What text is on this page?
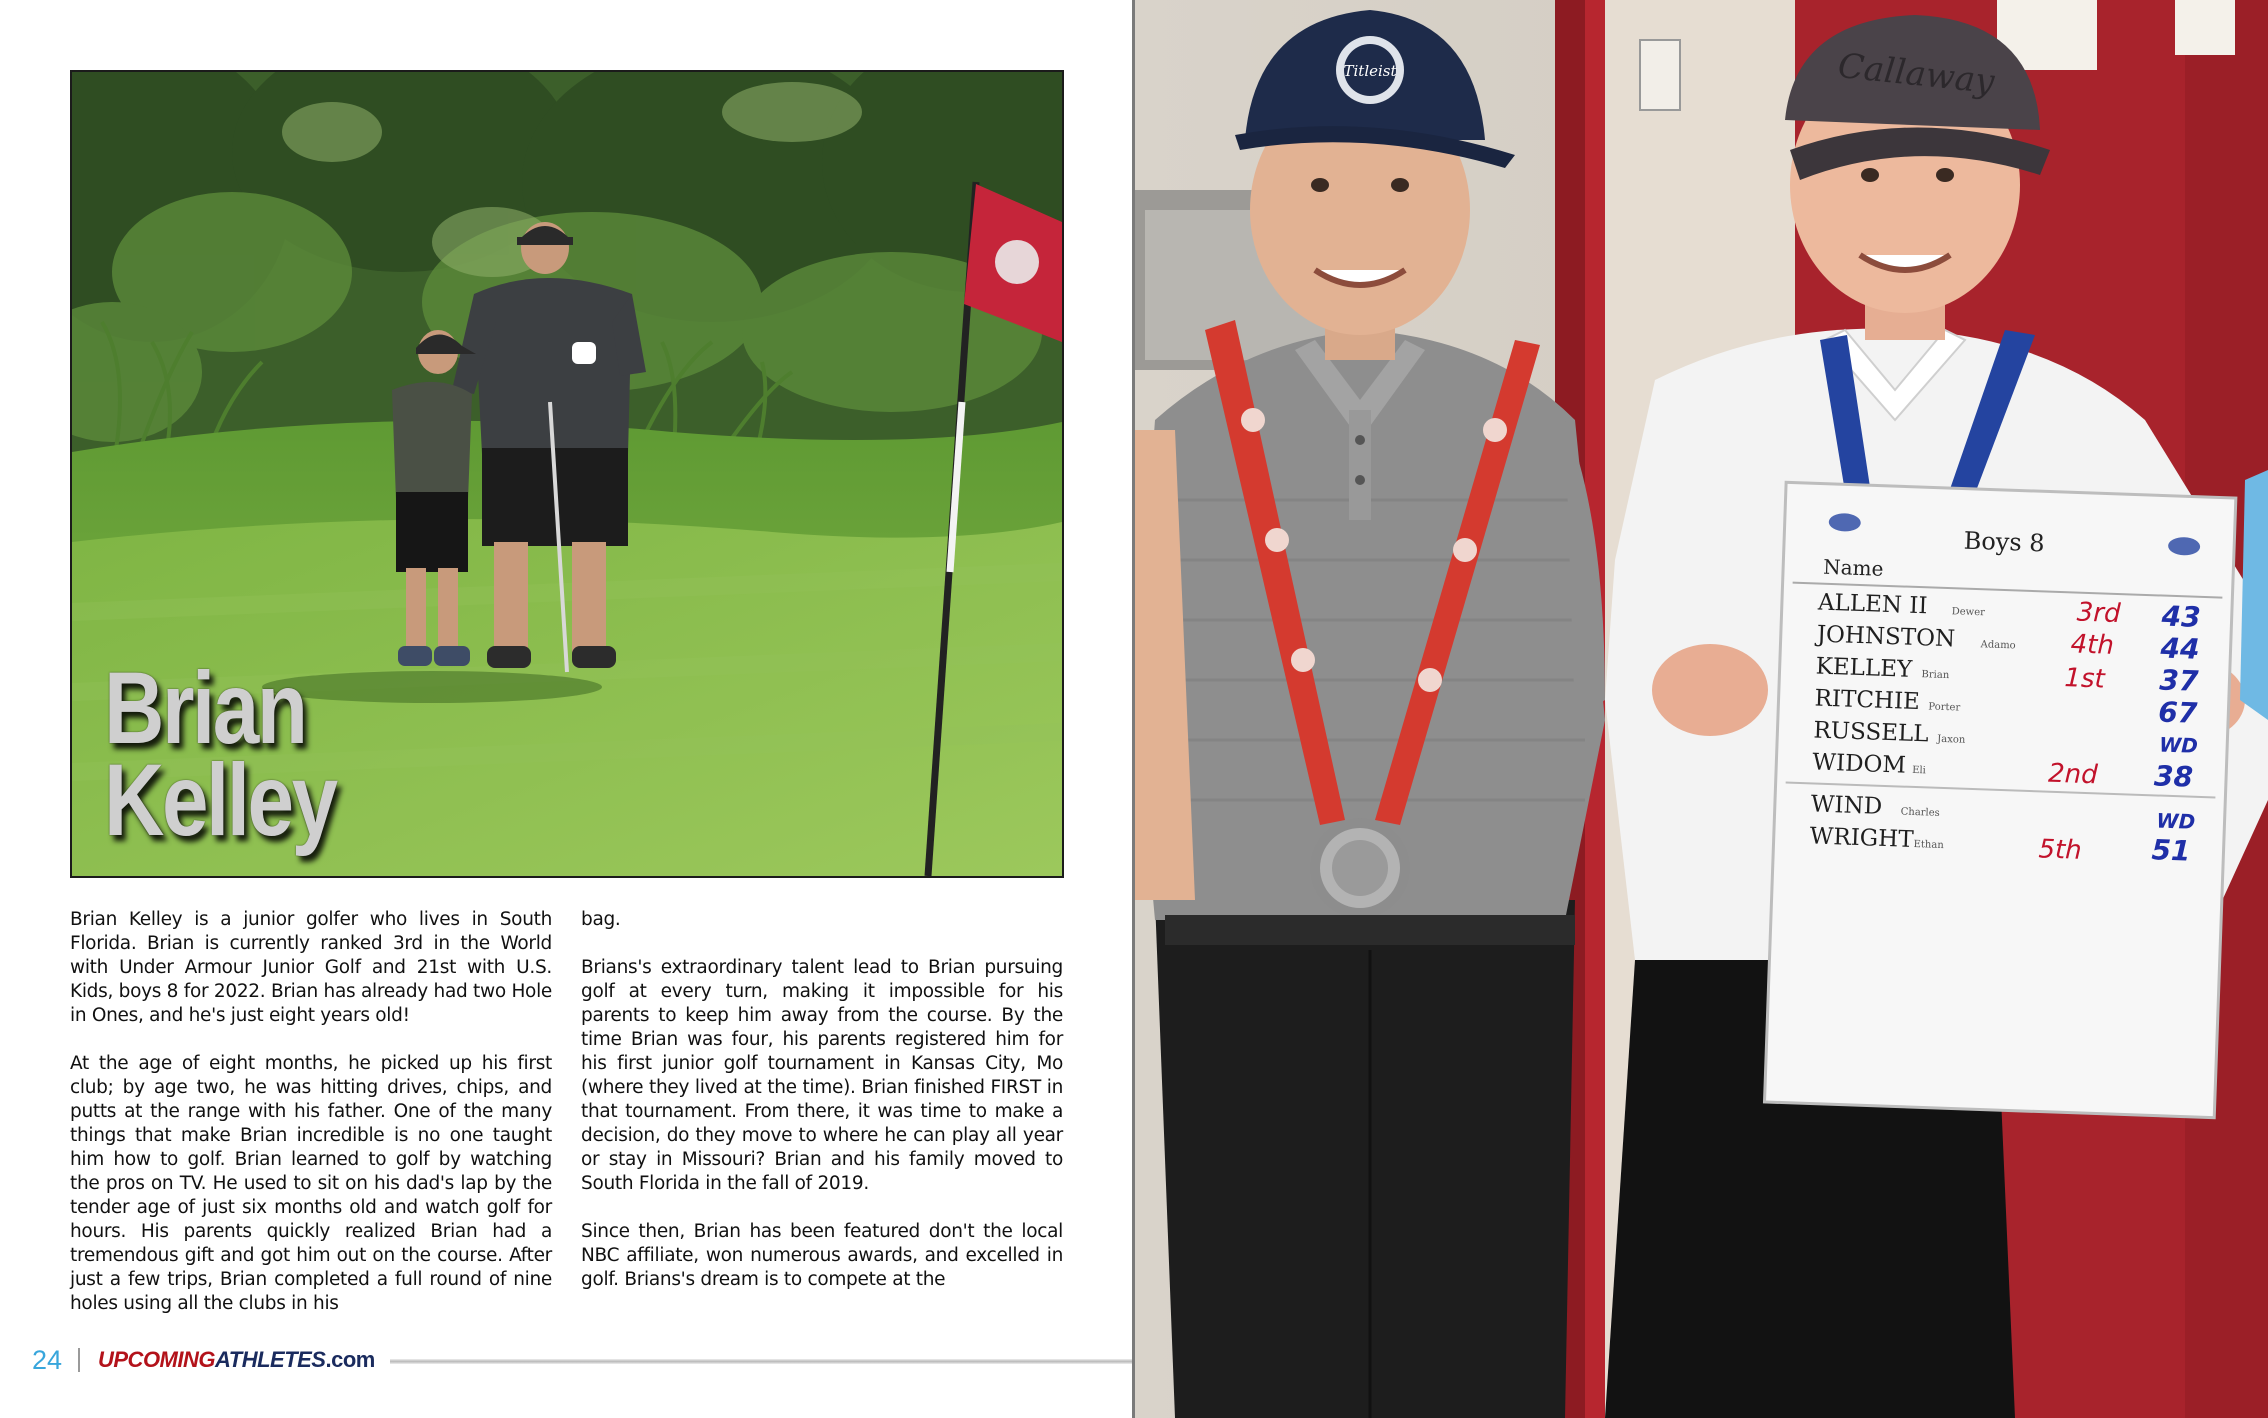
Brian
Kelley

Brian Kelley is a junior golfer who lives in South Florida. Brian is currently ranked 3rd in the World with Under Armour Junior Golf and 21st with U.S. Kids, boys 8 for 2022. Brian has already had two Hole in Ones, and he's just eight years old!

At the age of eight months, he picked up his first club; by age two, he was hitting drives, chips, and putts at the range with his father. One of the many things that make Brian incredible is no one taught him how to golf. Brian learned to golf by watching the pros on TV. He used to sit on his dad's lap by the tender age of just six months old and watch golf for hours. His parents quickly realized Brian had a tremendous gift and got him out on the course. After just a few trips, Brian completed a full round of nine holes using all the clubs in his

bag.

Brians's extraordinary talent lead to Brian pursuing golf at every turn, making it impossible for his parents to keep him away from the course. By the time Brian was four, his parents registered him for his first junior golf tournament in Kansas City, Mo (where they lived at the time). Brian finished FIRST in that tournament. From there, it was time to make a decision, do they move to where he can play all year or stay in Missouri? Brian and his family moved to South Florida in the fall of 2019.

Since then, Brian has been featured don't the local NBC affiliate, won numerous awards, and excelled in golf. Brians's dream is to compete at the

24 UPCOMINGATHLETES.com
Titleist	Callaway
Boys 8
Name
ALLEN II
JOHNSTON
KELLEY
RITCHIE
RUSSELL
WIDOM
WIND
WRIGHT
Dewer
Adamo
Brian
Porter
Jaxon
Eli
Charles
Ethan
3rd
4th
1st
2nd
5th
43
44
37
67
WD
38
WD
51
